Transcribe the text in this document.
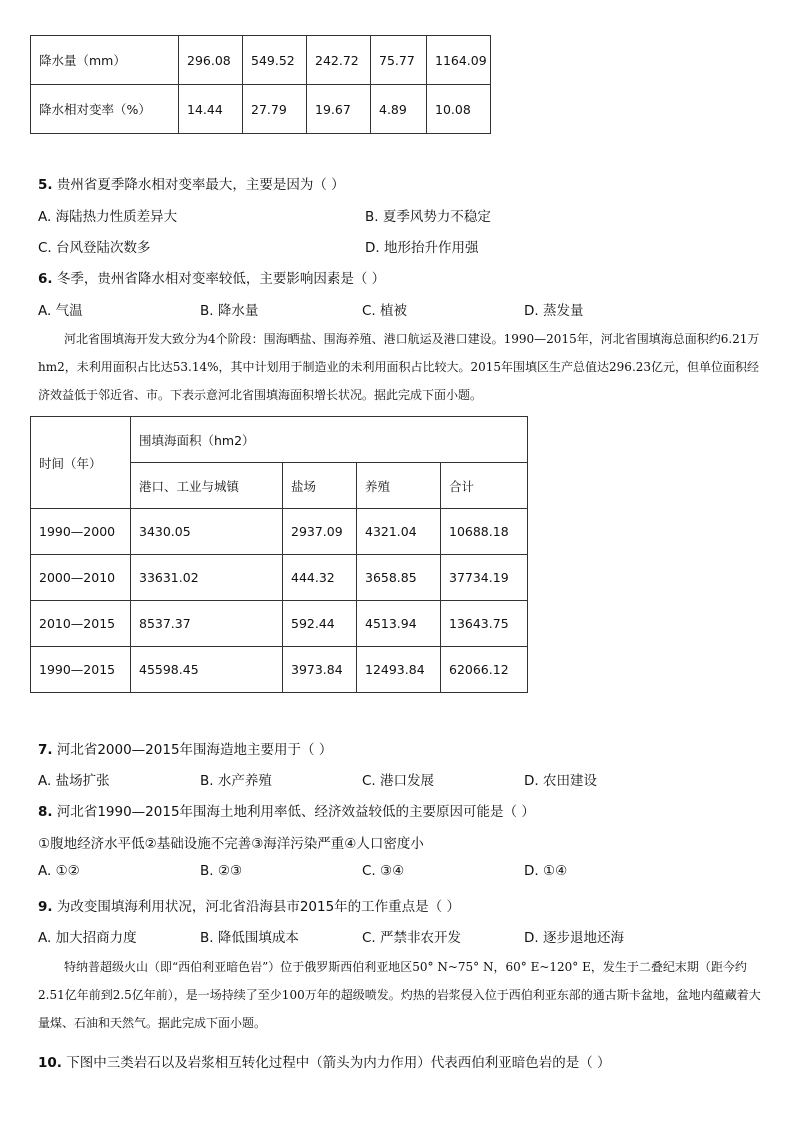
降水量（mm）	296.08	549.52	242.72	75.77	1164.09
降水相对变率（%）	14.44	27.79	19.67	4.89	10.08
5. 贵州省夏季降水相对变率最大，主要是因为（ ）
A. 海陆热力性质差异大	B. 夏季风势力不稳定
C. 台风登陆次数多	D. 地形抬升作用强
6. 冬季，贵州省降水相对变率较低，主要影响因素是（ ）
A. 气温	B. 降水量	C. 植被	D. 蒸发量
河北省围填海开发大致分为4个阶段：围海晒盐、围海养殖、港口航运及港口建设。1990—2015年，河北省围填海总面积约6.21万hm2，未利用面积占比达53.14%，其中计划用于制造业的未利用面积占比较大。2015年围填区生产总值达296.23亿元，但单位面积经济效益低于邻近省、市。下表示意河北省围填海面积增长状况。据此完成下面小题。
时间（年）	围填海面积（hm2）			
	港口、工业与城镇	盐场	养殖	合计
1990—2000	3430.05	2937.09	4321.04	10688.18
2000—2010	33631.02	444.32	3658.85	37734.19
2010—2015	8537.37	592.44	4513.94	13643.75
1990—2015	45598.45	3973.84	12493.84	62066.12
7. 河北省2000—2015年围海造地主要用于（ ）
A. 盐场扩张	B. 水产养殖	C. 港口发展	D. 农田建设
8. 河北省1990—2015年围海土地利用率低、经济效益较低的主要原因可能是（ ）
①腹地经济水平低②基础设施不完善③海洋污染严重④人口密度小
A. ①②	B. ②③	C. ③④	D. ①④
9. 为改变围填海利用状况，河北省沿海县市2015年的工作重点是（ ）
A. 加大招商力度	B. 降低围填成本	C. 严禁非农开发	D. 逐步退地还海
特纳普超级火山（即“西伯利亚暗色岩”）位于俄罗斯西伯利亚地区50° N~75° N，60° E~120° E，发生于二叠纪末期（距今约2.51亿年前到2.5亿年前），是一场持续了至少100万年的超级喷发。灼热的岩浆侵入位于西伯利亚东部的通古斯卡盆地，盆地内蕴藏着大量煤、石油和天然气。据此完成下面小题。
10. 下图中三类岩石以及岩浆相互转化过程中（箭头为内力作用）代表西伯利亚暗色岩的是（ ）
